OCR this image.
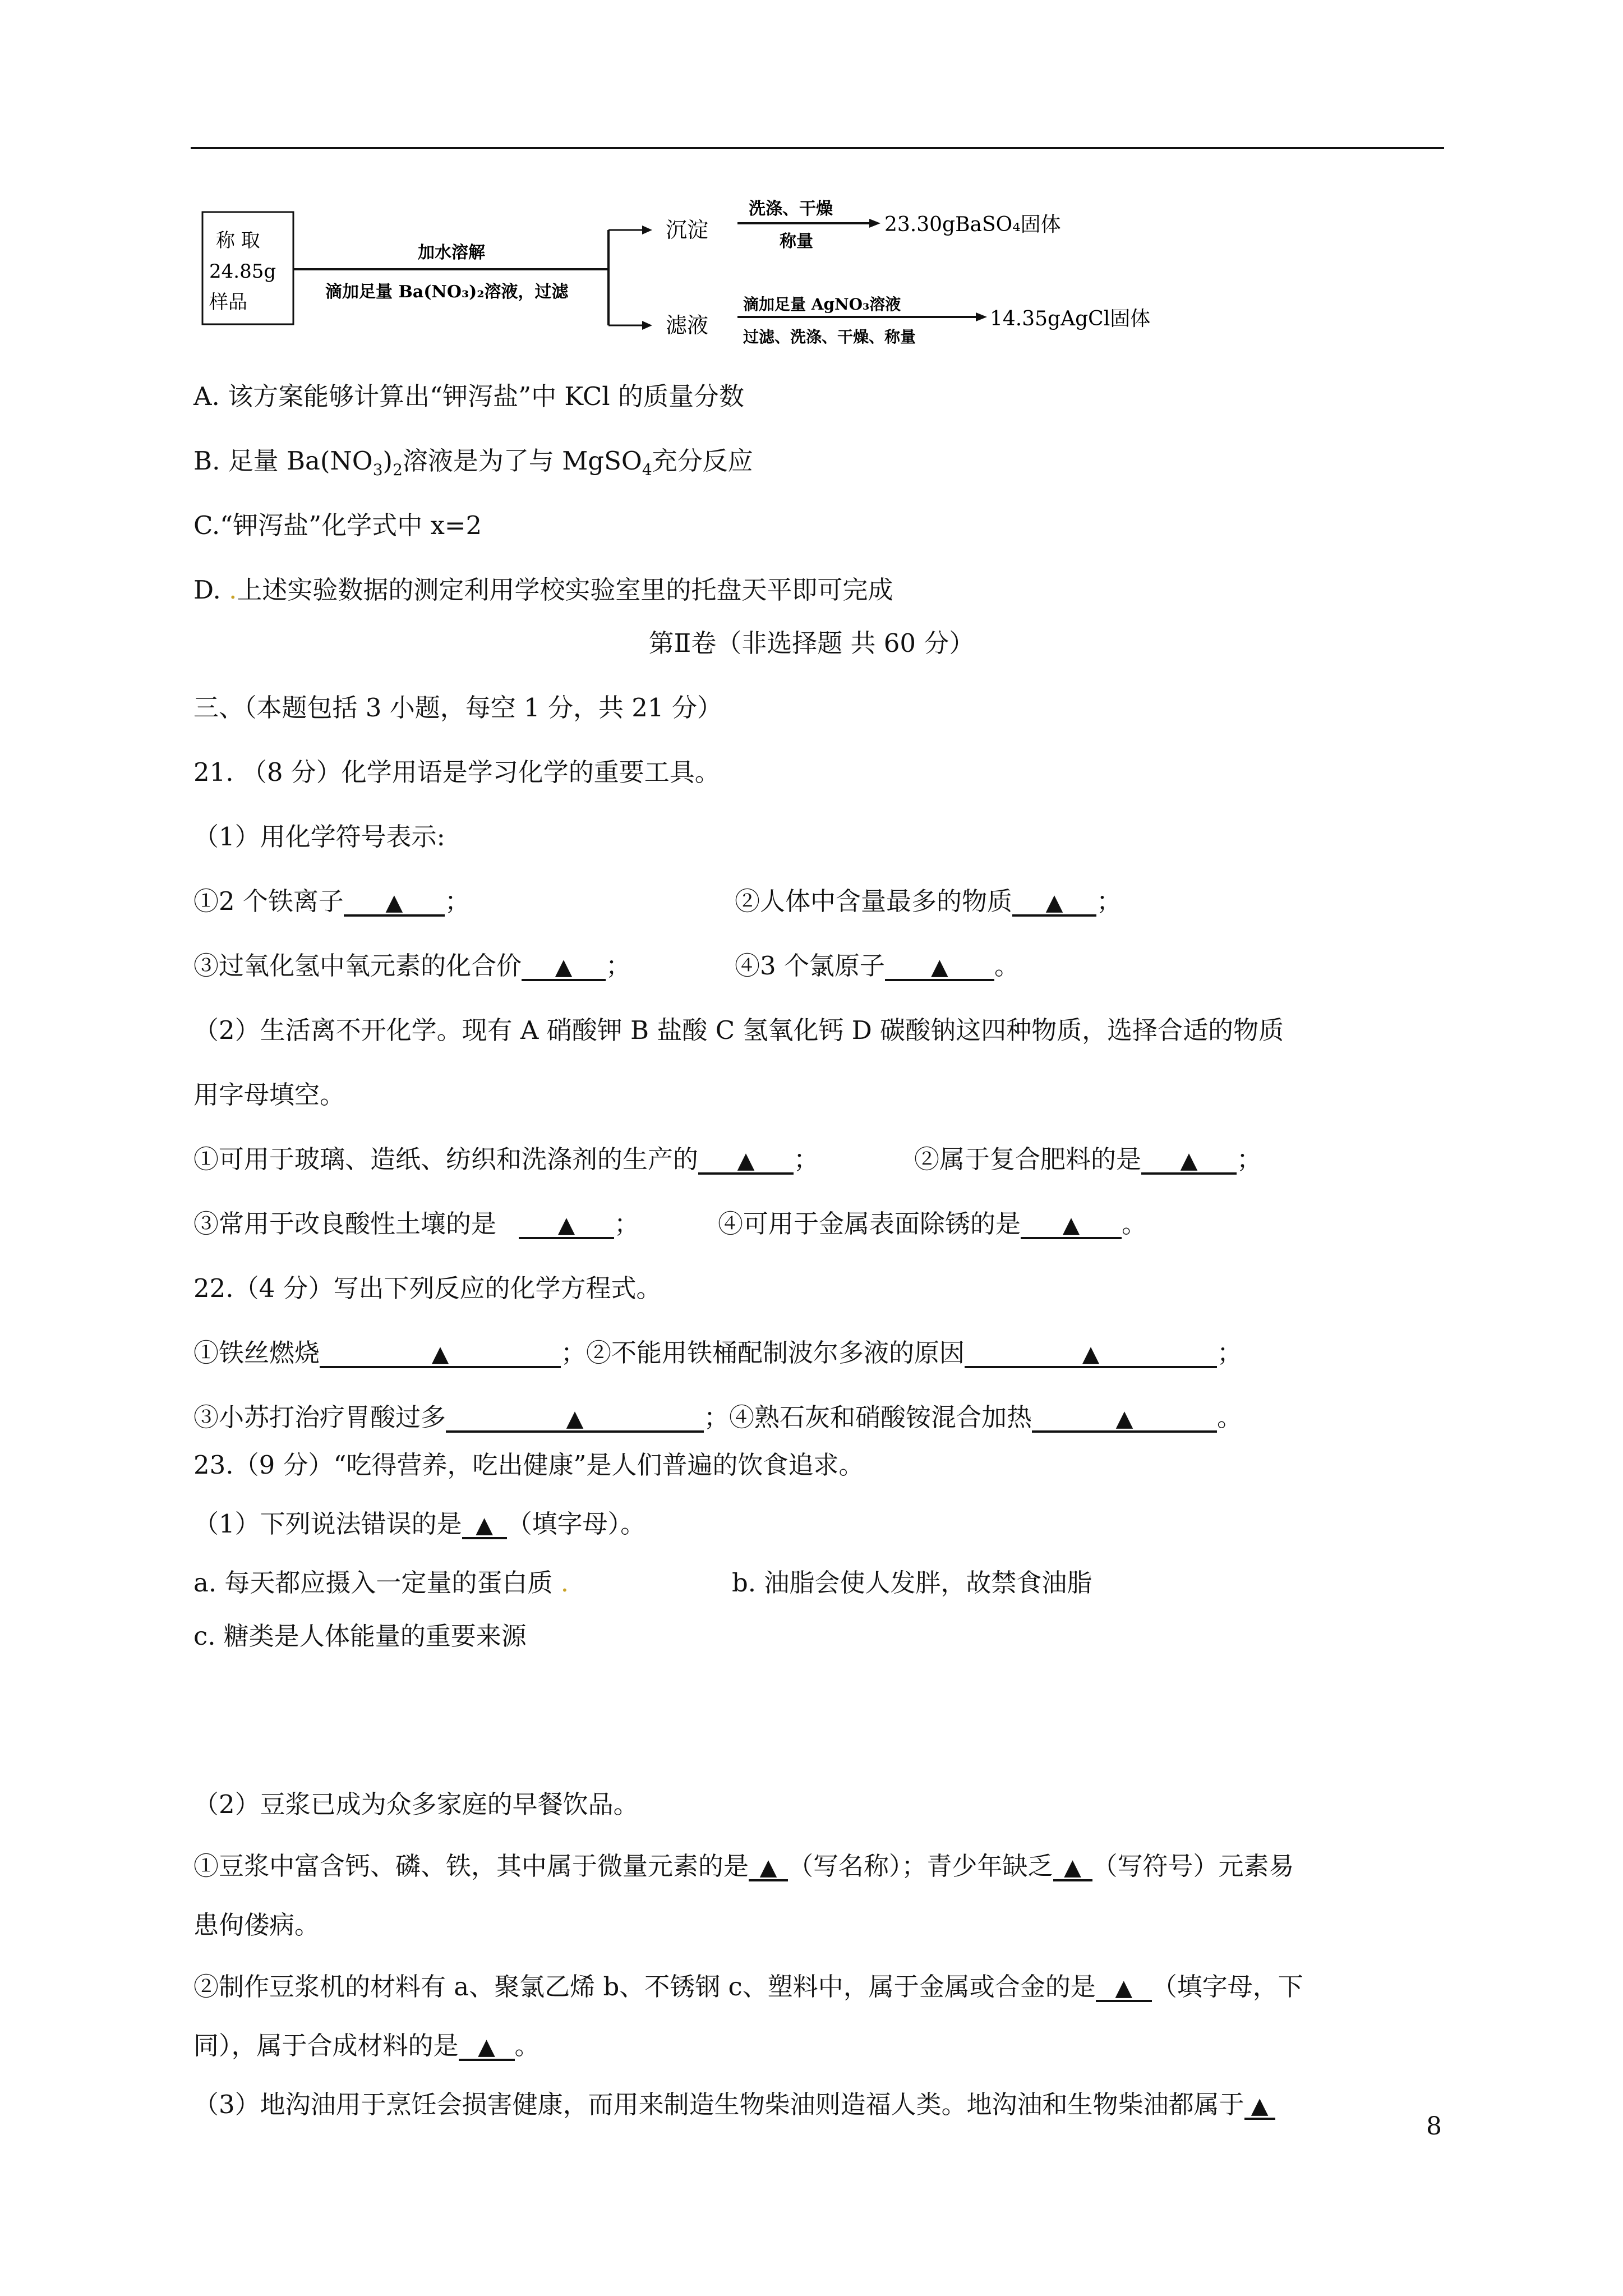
称 取
24.85g
样品
加水溶解
滴加足量 Ba(NO₃)₂溶液，过滤
沉淀
洗涤、干燥
称量
23.30gBaSO₄固体
滤液
滴加足量 AgNO₃溶液
过滤、洗涤、干燥、称量
14.35gAgCl固体
A. 该方案能够计算出“钾泻盐”中 KCl 的质量分数
B. 足量 $Ba(NO_3)_2$溶液是为了与 MgSO$_4$充分反应
C.“钾泻盐”化学式中 x=2
D. .上述实验数据的测定利用学校实验室里的托盘天平即可完成
第Ⅱ卷（非选择题 共 60 分）
三、（本题包括 3 小题，每空 1 分，共 21 分）
21. （8 分）化学用语是学习化学的重要工具。
（1）用化学符号表示:
①2 个铁离子 ▲ ；	②人体中含量最多的物质 ▲ ；
③过氧化氢中氧元素的化合价 ▲ ；	④3 个氯原子 ▲ 。
（2）生活离不开化学。现有 A 硝酸钾 B 盐酸 C 氢氧化钙 D 碳酸钠这四种物质，选择合适的物质
用字母填空。
①可用于玻璃、造纸、纺织和洗涤剂的生产的 ▲ ；	②属于复合肥料的是 ▲ ；
③常用于改良酸性土壤的是	▲ ；	④可用于金属表面除锈的是 ▲ 。
22.（4 分）写出下列反应的化学方程式。
①铁丝燃烧	▲	；②不能用铁桶配制波尔多液的原因	▲	；
③小苏打治疗胃酸过多	▲	；④熟石灰和硝酸铵混合加热	▲	。
23.（9 分）“吃得营养，吃出健康”是人们普遍的饮食追求。
（1）下列说法错误的是 ▲ （填字母）。
a. 每天都应摄入一定量的蛋白质 .	b. 油脂会使人发胖，故禁食油脂
c. 糖类是人体能量的重要来源
（2）豆浆已成为众多家庭的早餐饮品。
①豆浆中富含钙、磷、铁，其中属于微量元素的是 ▲ （写名称）；青少年缺乏 ▲ （写符号）元素易
患佝偻病。
②制作豆浆机的材料有 a、聚氯乙烯 b、不锈钢 c、塑料中，属于金属或合金的是 ▲ （填字母，下
同），属于合成材料的是 ▲ 。
（3）地沟油用于烹饪会损害健康，而用来制造生物柴油则造福人类。地沟油和生物柴油都属于 ▲
8
